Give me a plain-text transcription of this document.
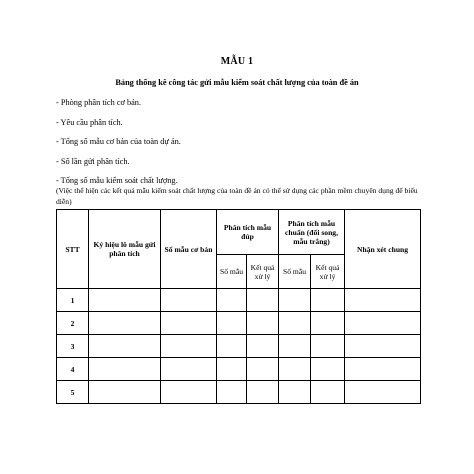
MẪU 1
Bảng thống kê công tác gửi mẫu kiểm soát chất lượng của toàn đề án
- Phòng phân tích cơ bản.
- Yêu cầu phân tích.
- Tổng số mẫu cơ bản của toàn dự án.
- Số lần gửi phân tích.
- Tổng số mẫu kiểm soát chất lượng.
(Việc thể hiện các kết quả mẫu kiểm soát chất lượng của toàn đề án có thể sử dụng các phần mềm chuyên dụng để biểu diễn)
STT	Ký hiệu lô mẫu gửi phân tích	Số mẫu cơ bản	Phân tích mẫu đúp		Phân tích mẫu chuẩn (đối song, mẫu trắng)		Nhận xét chung
			Số mẫu	Kết quả xử lý	Số mẫu	Kết quả xử lý	
1							
2							
3							
4							
5							
